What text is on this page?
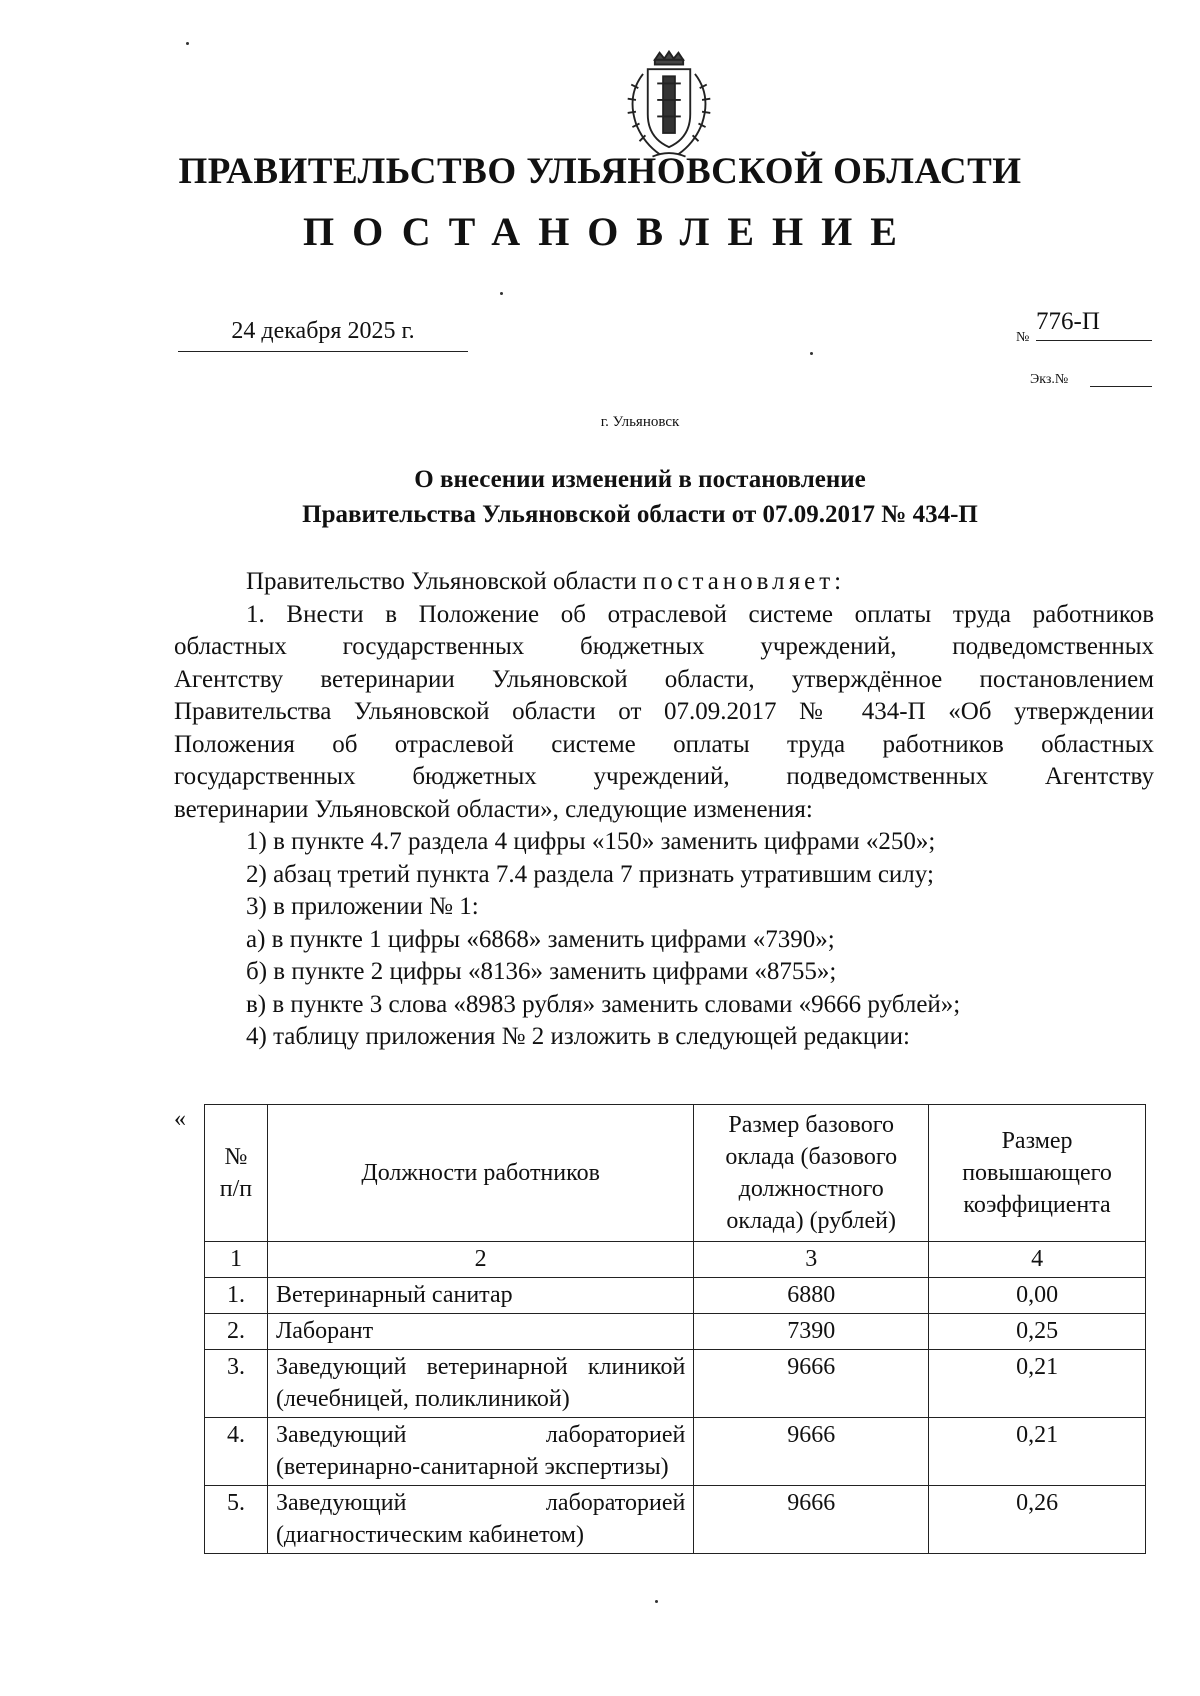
ПРАВИТЕЛЬСТВО УЛЬЯНОВСКОЙ ОБЛАСТИ
ПОСТАНОВЛЕНИЕ
24 декабря 2025 г.	№
776-П
Экз.№
г. Ульяновск
О внесении изменений в постановление
Правительства Ульяновской области от 07.09.2017 № 434-П

Правительство Ульяновской области постановляет:

1. Внести в Положение об отраслевой системе оплаты труда работников

областных государственных бюджетных учреждений, подведомственных

Агентству ветеринарии Ульяновской области, утверждённое постановлением

Правительства Ульяновской области от 07.09.2017 № 434-П «Об утверждении

Положения об отраслевой системе оплаты труда работников областных

государственных бюджетных учреждений, подведомственных Агентству

ветеринарии Ульяновской области», следующие изменения:

1) в пункте 4.7 раздела 4 цифры «150» заменить цифрами «250»;

2) абзац третий пункта 7.4 раздела 7 признать утратившим силу;

3) в приложении № 1:

а) в пункте 1 цифры «6868» заменить цифрами «7390»;

б) в пункте 2 цифры «8136» заменить цифрами «8755»;

в) в пункте 3 слова «8983 рубля» заменить словами «9666 рублей»;

4) таблицу приложения № 2 изложить в следующей редакции:

«
№ п/п	Должности работников	Размер базового оклада (базового должностного оклада) (рублей)	Размер повышающего коэффициента
1	2	3	4
1.	Ветеринарный санитар	6880	0,00
2.	Лаборант	7390	0,25
3.	Заведующий ветеринарной клиникой (лечебницей, поликлиникой)	9666	0,21
4.	Заведующий лабораторией (ветеринарно-санитарной экспертизы)	9666	0,21
5.	Заведующий лабораторией (диагностическим кабинетом)	9666	0,26
